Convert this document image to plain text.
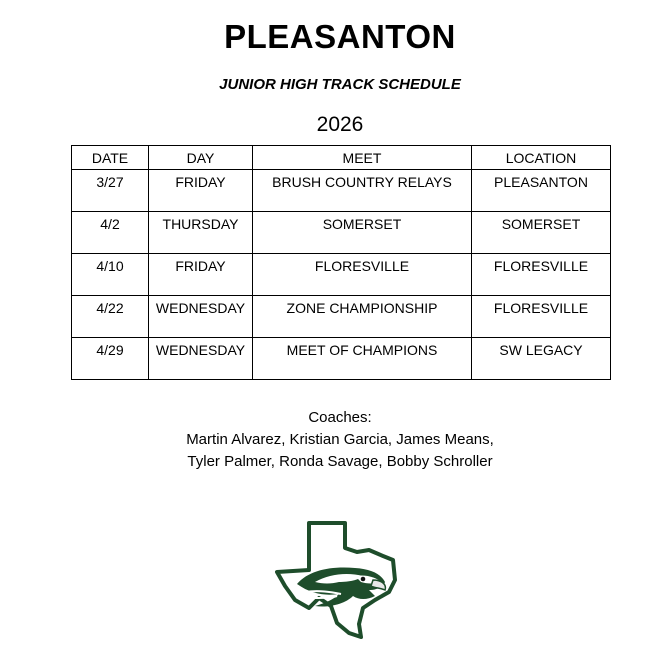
PLEASANTON
JUNIOR HIGH TRACK SCHEDULE
2026
DATE	DAY	MEET	LOCATION
3/27	FRIDAY	BRUSH COUNTRY RELAYS	PLEASANTON
4/2	THURSDAY	SOMERSET	SOMERSET
4/10	FRIDAY	FLORESVILLE	FLORESVILLE
4/22	WEDNESDAY	ZONE CHAMPIONSHIP	FLORESVILLE
4/29	WEDNESDAY	MEET OF CHAMPIONS	SW LEGACY
Coaches:
Martin Alvarez, Kristian Garcia, James Means,
Tyler Palmer, Ronda Savage, Bobby Schroller
